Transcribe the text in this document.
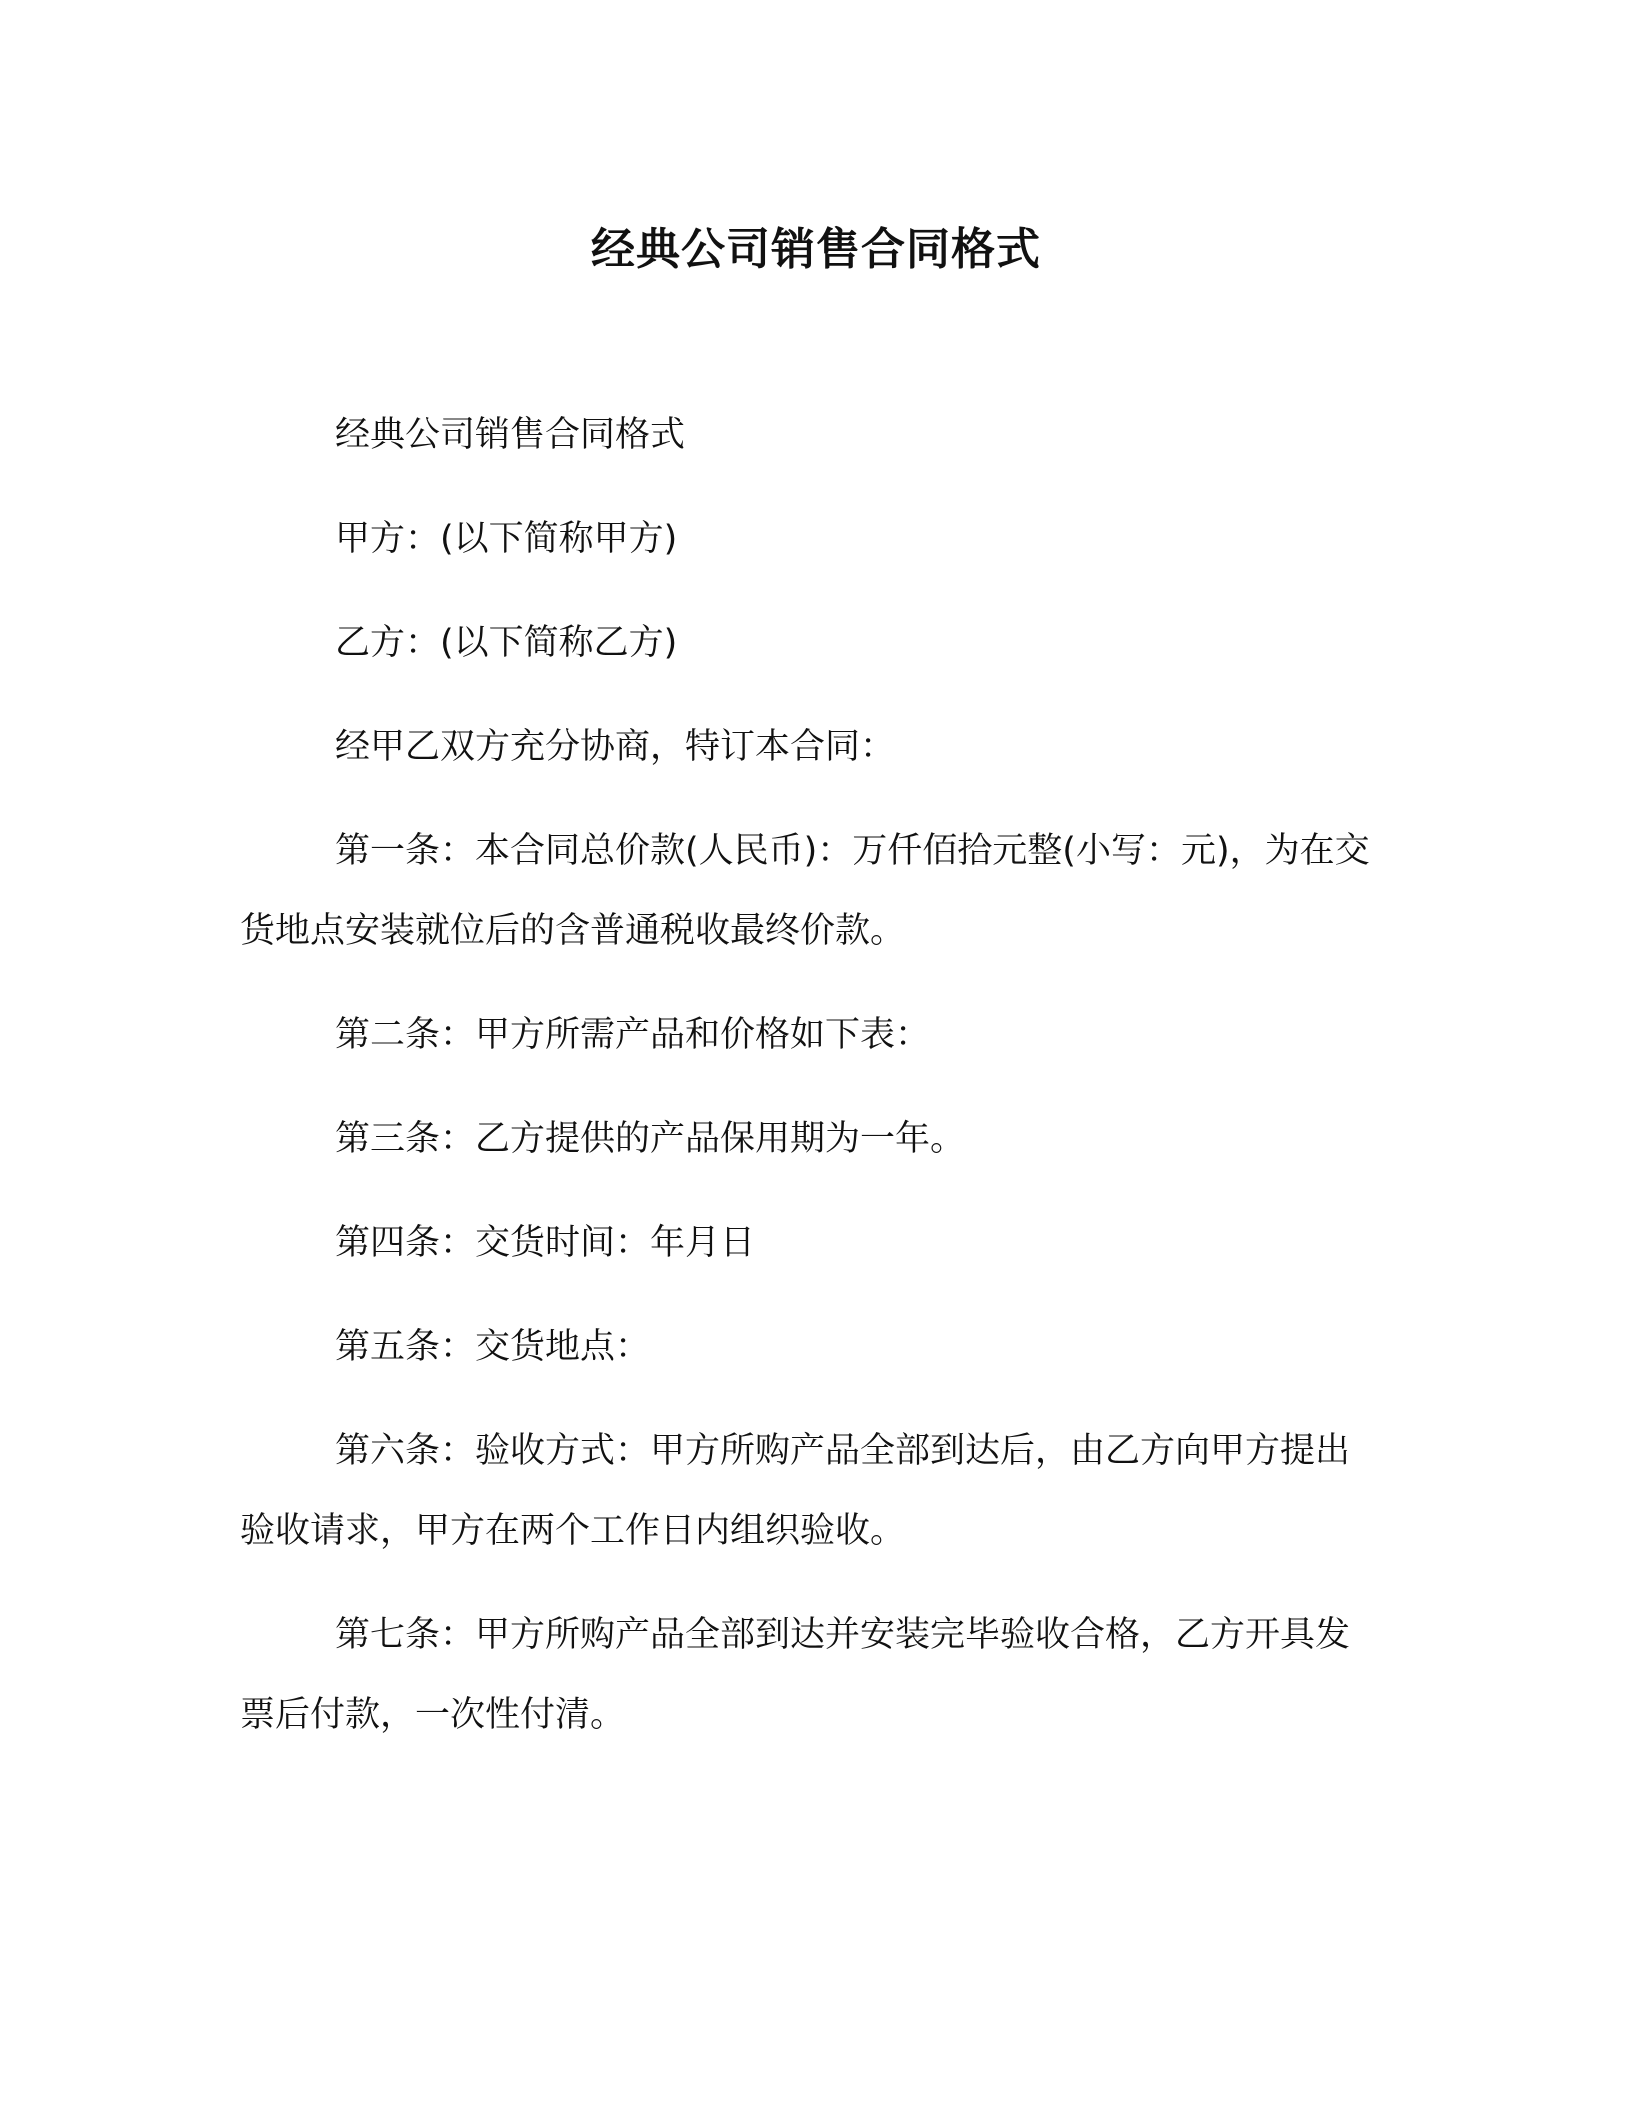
经典公司销售合同格式

经典公司销售合同格式

甲方：(以下简称甲方)

乙方：(以下简称乙方)

经甲乙双方充分协商，特订本合同：

第一条：本合同总价款(人民币)：万仟佰拾元整(小写：元)，为在交货地点安装就位后的含普通税收最终价款。

第二条：甲方所需产品和价格如下表：

第三条：乙方提供的产品保用期为一年。

第四条：交货时间：年月日

第五条：交货地点：

第六条：验收方式：甲方所购产品全部到达后，由乙方向甲方提出验收请求，甲方在两个工作日内组织验收。

第七条：甲方所购产品全部到达并安装完毕验收合格，乙方开具发票后付款，一次性付清。
